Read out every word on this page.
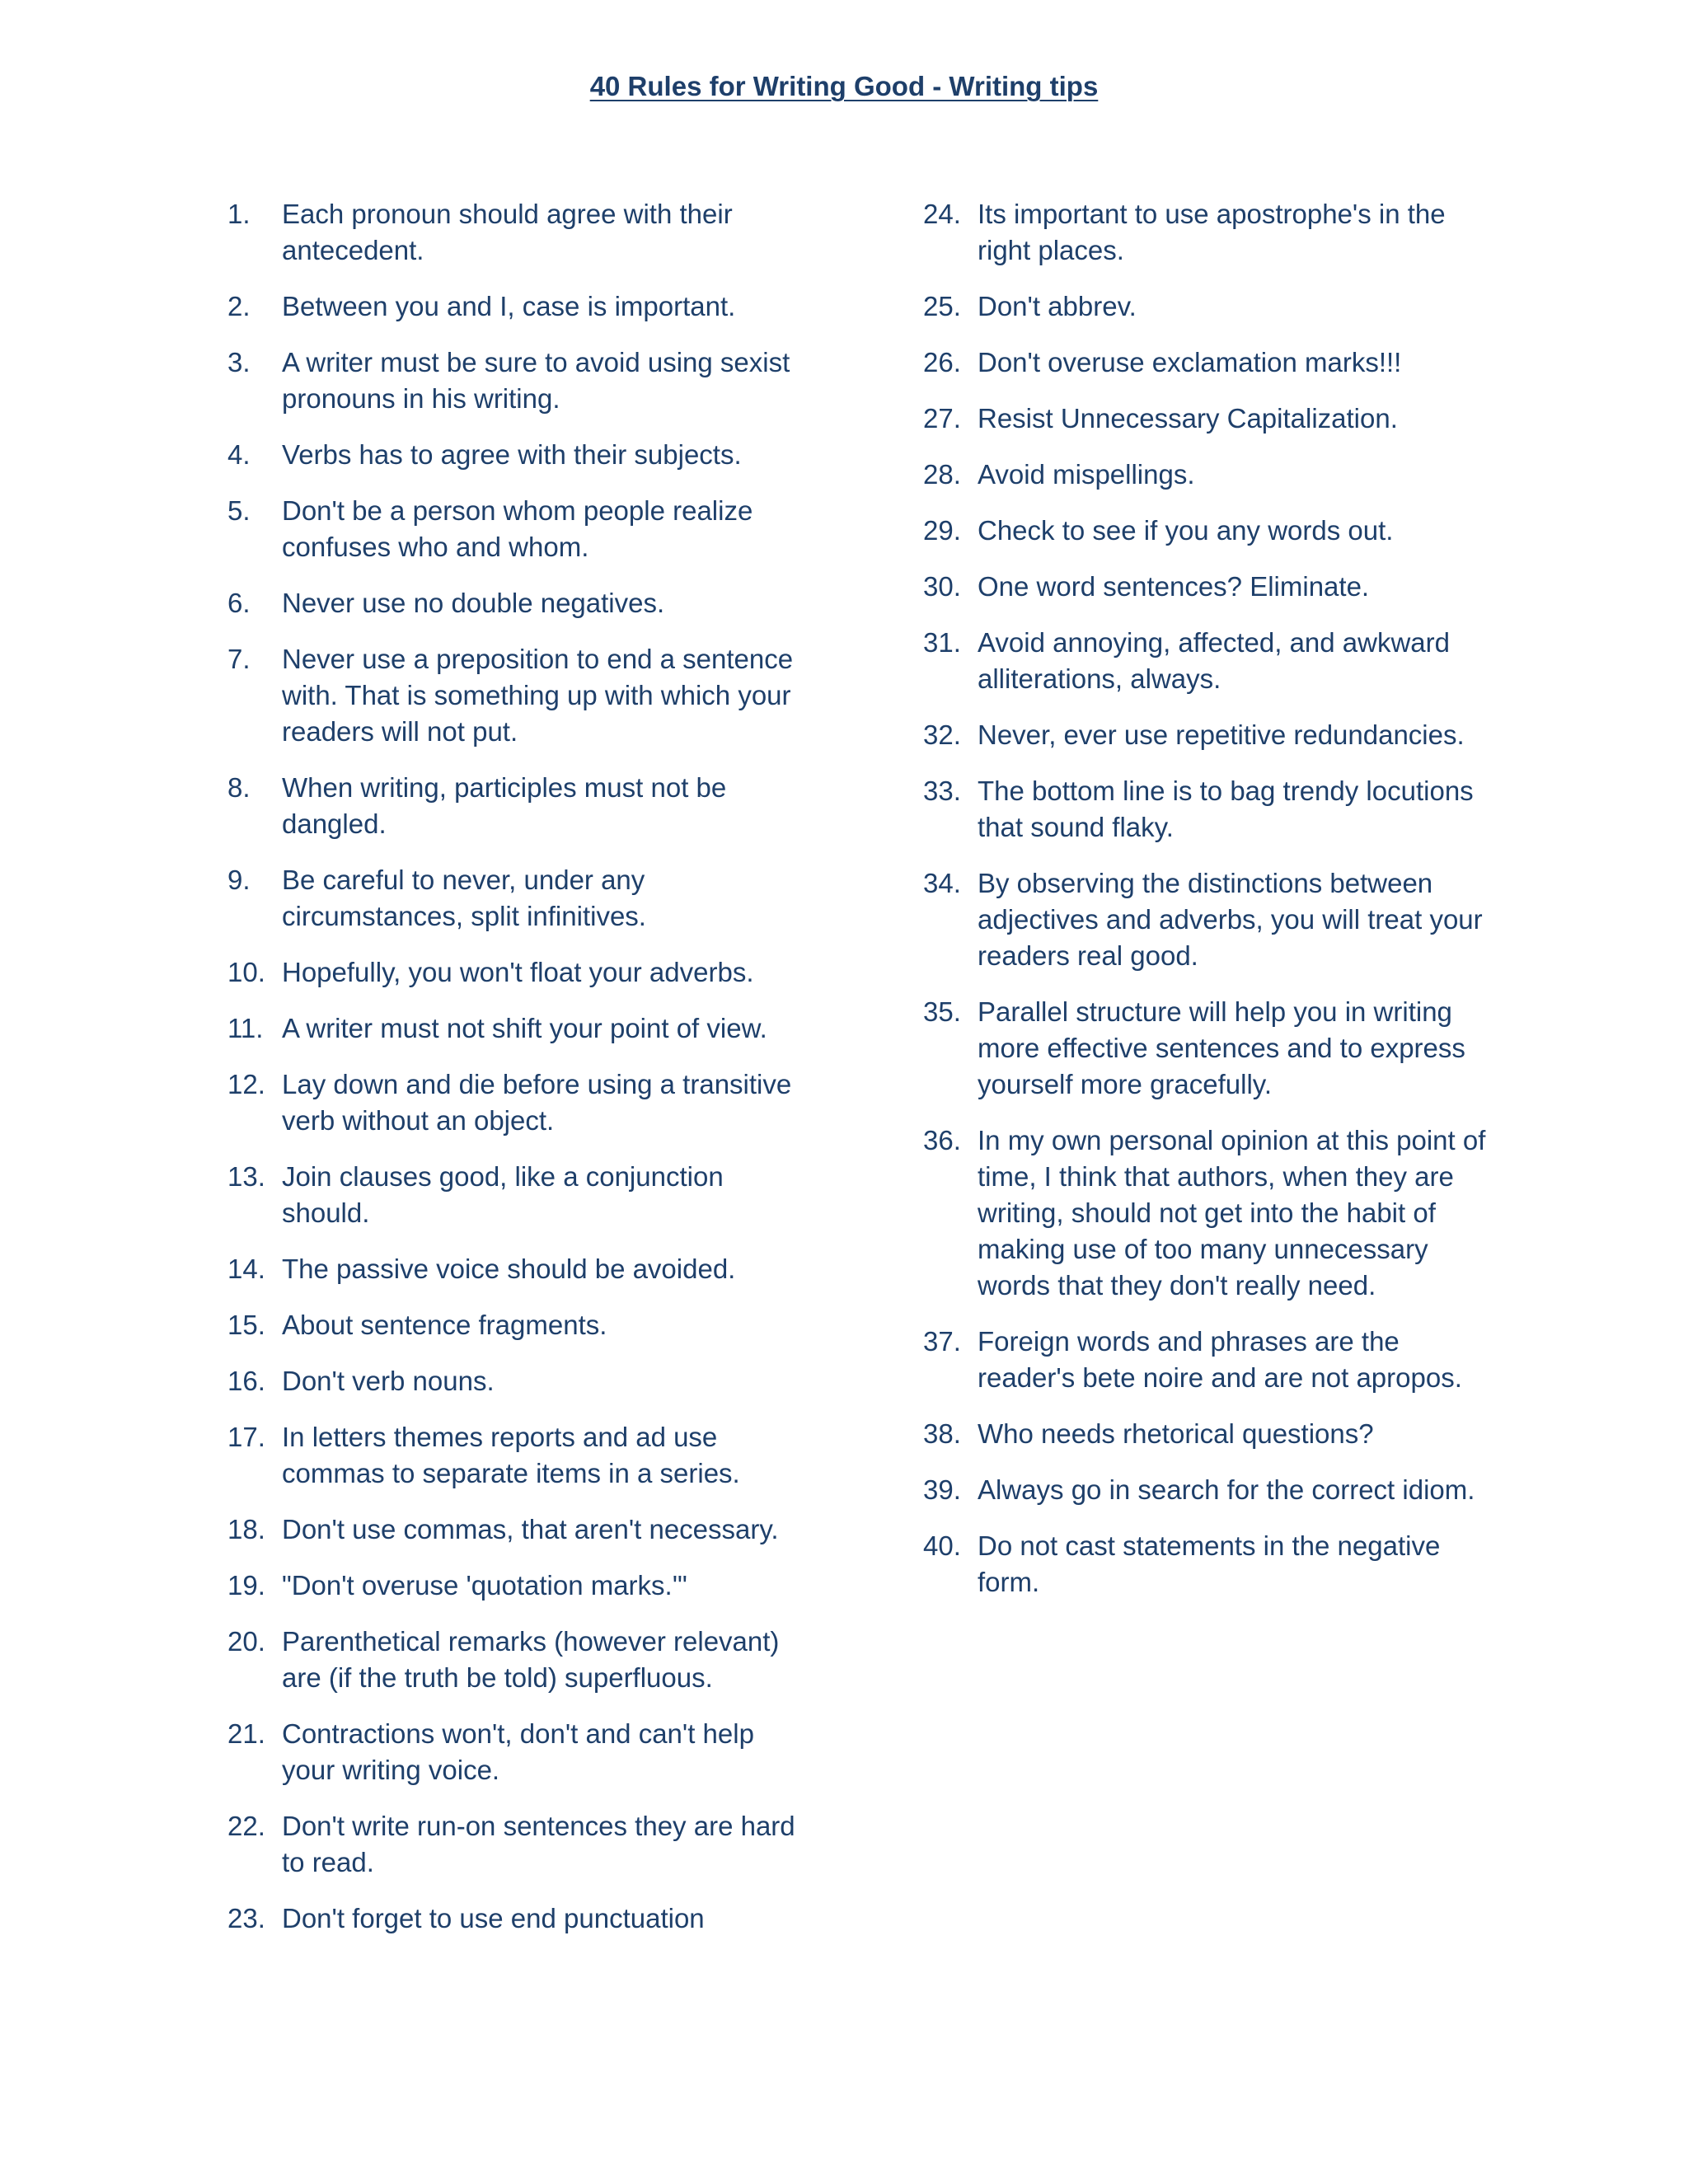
40 Rules for Writing Good - Writing tips
1.	Each pronoun should agree with their antecedent.
2.	Between you and I, case is important.
3.	A writer must be sure to avoid using sexist pronouns in his writing.
4.	Verbs has to agree with their subjects.
5.	Don't be a person whom people realize confuses who and whom.
6.	Never use no double negatives.
7.	Never use a preposition to end a sentence with. That is something up with which your readers will not put.
8.	When writing, participles must not be dangled.
9.	Be careful to never, under any circumstances, split infinitives.
10. Hopefully, you won't float your adverbs.
11. A writer must not shift your point of view.
12. Lay down and die before using a transitive verb without an object.
13. Join clauses good, like a conjunction should.
14. The passive voice should be avoided.
15. About sentence fragments.
16. Don't verb nouns.
17. In letters themes reports and ad use commas to separate items in a series.
18. Don't use commas, that aren't necessary.
19. "Don't overuse 'quotation marks.'"
20. Parenthetical remarks (however relevant) are (if the truth be told) superfluous.
21. Contractions won't, don't and can't help your writing voice.
22. Don't write run-on sentences they are hard to read.
23. Don't forget to use end punctuation
24. Its important to use apostrophe's in the right places.
25. Don't abbrev.
26. Don't overuse exclamation marks!!!
27. Resist Unnecessary Capitalization.
28. Avoid mispellings.
29. Check to see if you any words out.
30. One word sentences? Eliminate.
31. Avoid annoying, affected, and awkward alliterations, always.
32. Never, ever use repetitive redundancies.
33. The bottom line is to bag trendy locutions that sound flaky.
34. By observing the distinctions between adjectives and adverbs, you will treat your readers real good.
35. Parallel structure will help you in writing more effective sentences and to express yourself more gracefully.
36. In my own personal opinion at this point of time, I think that authors, when they are writing, should not get into the habit of making use of too many unnecessary words that they don't really need.
37. Foreign words and phrases are the reader's bete noire and are not apropos.
38. Who needs rhetorical questions?
39. Always go in search for the correct idiom.
40. Do not cast statements in the negative form.
